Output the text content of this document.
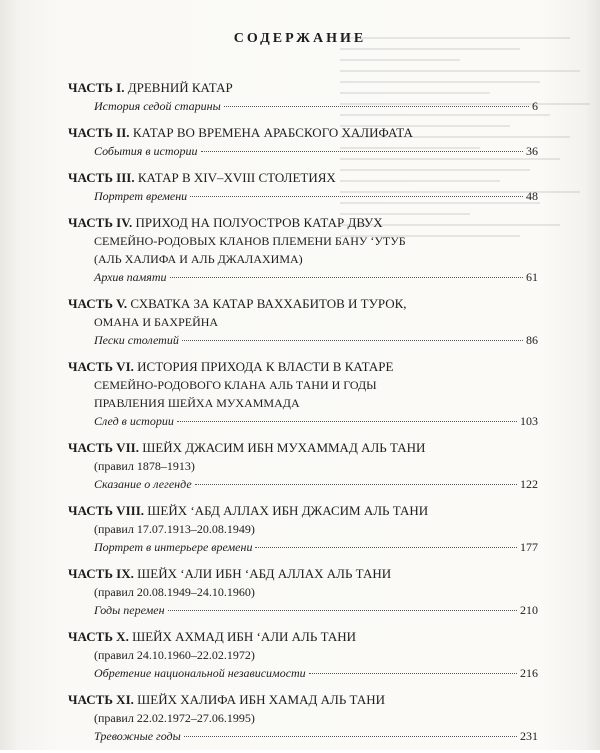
СОДЕРЖАНИЕ
ЧАСТЬ I. ДРЕВНИЙ КАТАР
История седой старины	6
ЧАСТЬ II. КАТАР ВО ВРЕМЕНА АРАБСКОГО ХАЛИФАТА
События в истории	36
ЧАСТЬ III. КАТАР В XIV–XVIII СТОЛЕТИЯХ
Портрет времени	48
ЧАСТЬ IV. ПРИХОД НА ПОЛУОСТРОВ КАТАР ДВУХ
СЕМЕЙНО-РОДОВЫХ КЛАНОВ ПЛЕМЕНИ БАНУ ʻУТУБ
(АЛЬ ХАЛИФА И АЛЬ ДЖАЛАХИМА)
Архив памяти	61
ЧАСТЬ V. СХВАТКА ЗА КАТАР ВАХХАБИТОВ И ТУРОК,
ОМАНА И БАХРЕЙНА
Пески столетий	86
ЧАСТЬ VI. ИСТОРИЯ ПРИХОДА К ВЛАСТИ В КАТАРЕ
СЕМЕЙНО-РОДОВОГО КЛАНА АЛЬ ТАНИ И ГОДЫ
ПРАВЛЕНИЯ ШЕЙХА МУХАММАДА
След в истории	103
ЧАСТЬ VII. ШЕЙХ ДЖАСИМ ИБН МУХАММАД АЛЬ ТАНИ
(правил 1878–1913)
Сказание о легенде	122
ЧАСТЬ VIII. ШЕЙХ ʻАБД АЛЛАХ ИБН ДЖАСИМ АЛЬ ТАНИ
(правил 17.07.1913–20.08.1949)
Портрет в интерьере времени	177
ЧАСТЬ IX. ШЕЙХ ʻАЛИ ИБН ʻАБД АЛЛАХ АЛЬ ТАНИ
(правил 20.08.1949–24.10.1960)
Годы перемен	210
ЧАСТЬ X. ШЕЙХ АХМАД ИБН ʻАЛИ АЛЬ ТАНИ
(правил 24.10.1960–22.02.1972)
Обретение национальной независимости	216
ЧАСТЬ XI. ШЕЙХ ХАЛИФА ИБН ХАМАД АЛЬ ТАНИ
(правил 22.02.1972–27.06.1995)
Тревожные годы	231
